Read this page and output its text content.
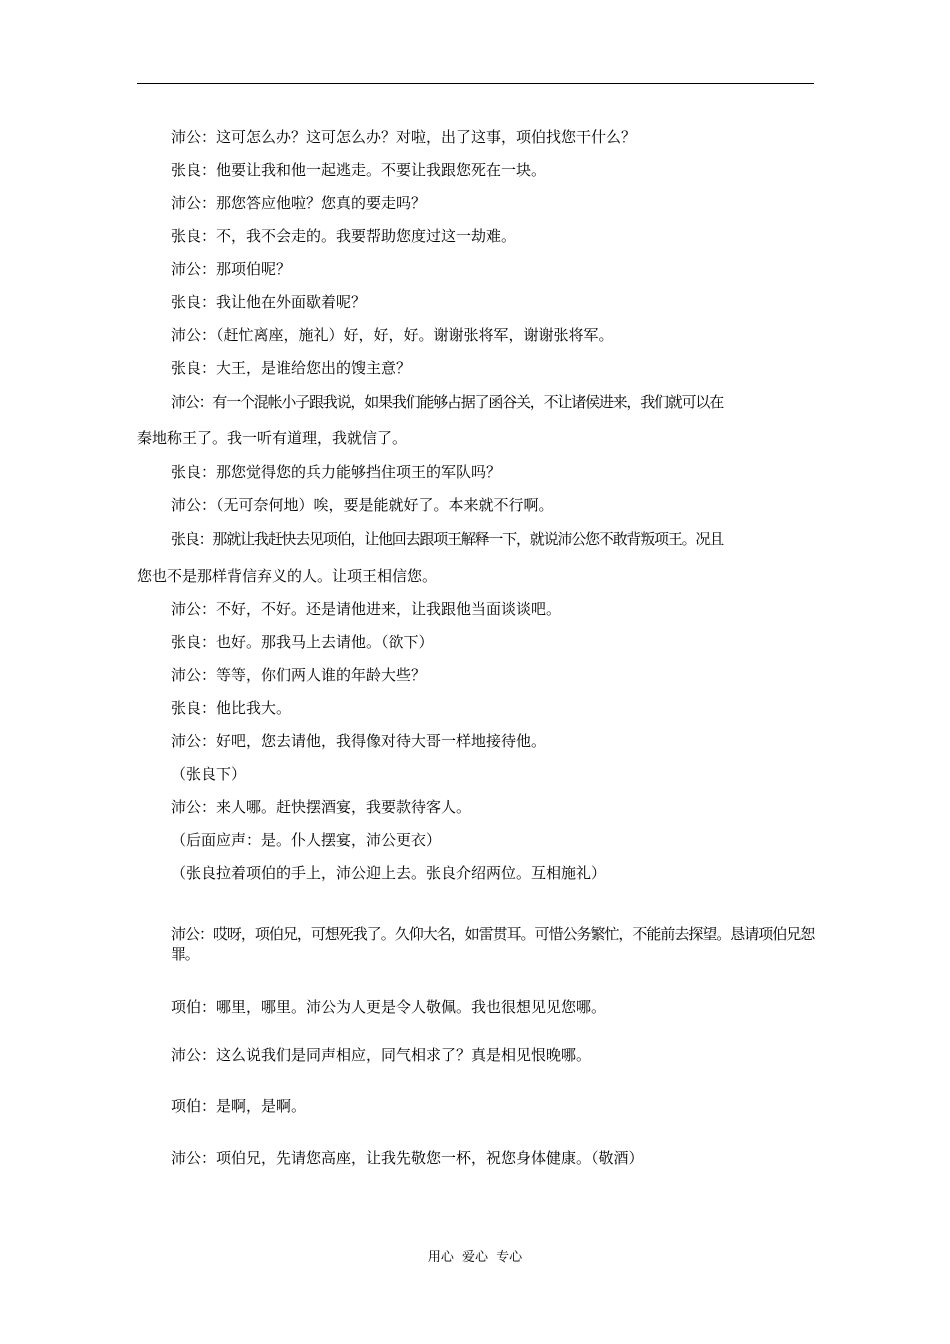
沛公：这可怎么办？这可怎么办？对啦，出了这事，项伯找您干什么？
张良：他要让我和他一起逃走。不要让我跟您死在一块。
沛公：那您答应他啦？您真的要走吗？
张良：不，我不会走的。我要帮助您度过这一劫难。
沛公：那项伯呢？
张良：我让他在外面歇着呢？
沛公：（赶忙离座，施礼）好，好，好。谢谢张将军，谢谢张将军。
张良：大王，是谁给您出的馊主意？
沛公：有一个混帐小子跟我说，如果我们能够占据了函谷关，不让诸侯进来，我们就可以在
秦地称王了。我一听有道理，我就信了。
张良：那您觉得您的兵力能够挡住项王的军队吗？
沛公：（无可奈何地）唉，要是能就好了。本来就不行啊。
张良：那就让我赶快去见项伯，让他回去跟项王解释一下，就说沛公您不敢背叛项王。况且
您也不是那样背信弃义的人。让项王相信您。
沛公：不好，不好。还是请他进来，让我跟他当面谈谈吧。
张良：也好。那我马上去请他。（欲下）
沛公：等等，你们两人谁的年龄大些？
张良：他比我大。
沛公：好吧，您去请他，我得像对待大哥一样地接待他。
（张良下）
沛公：来人哪。赶快摆酒宴，我要款待客人。
（后面应声：是。仆人摆宴，沛公更衣）
（张良拉着项伯的手上，沛公迎上去。张良介绍两位。互相施礼）
沛公：哎呀，项伯兄，可想死我了。久仰大名，如雷贯耳。可惜公务繁忙，不能前去探望。恳请项伯兄恕罪。
项伯：哪里，哪里。沛公为人更是令人敬佩。我也很想见见您哪。
沛公：这么说我们是同声相应，同气相求了？真是相见恨晚哪。
项伯：是啊，是啊。
沛公：项伯兄，先请您高座，让我先敬您一杯，祝您身体健康。（敬酒）
用心 爱心 专心
